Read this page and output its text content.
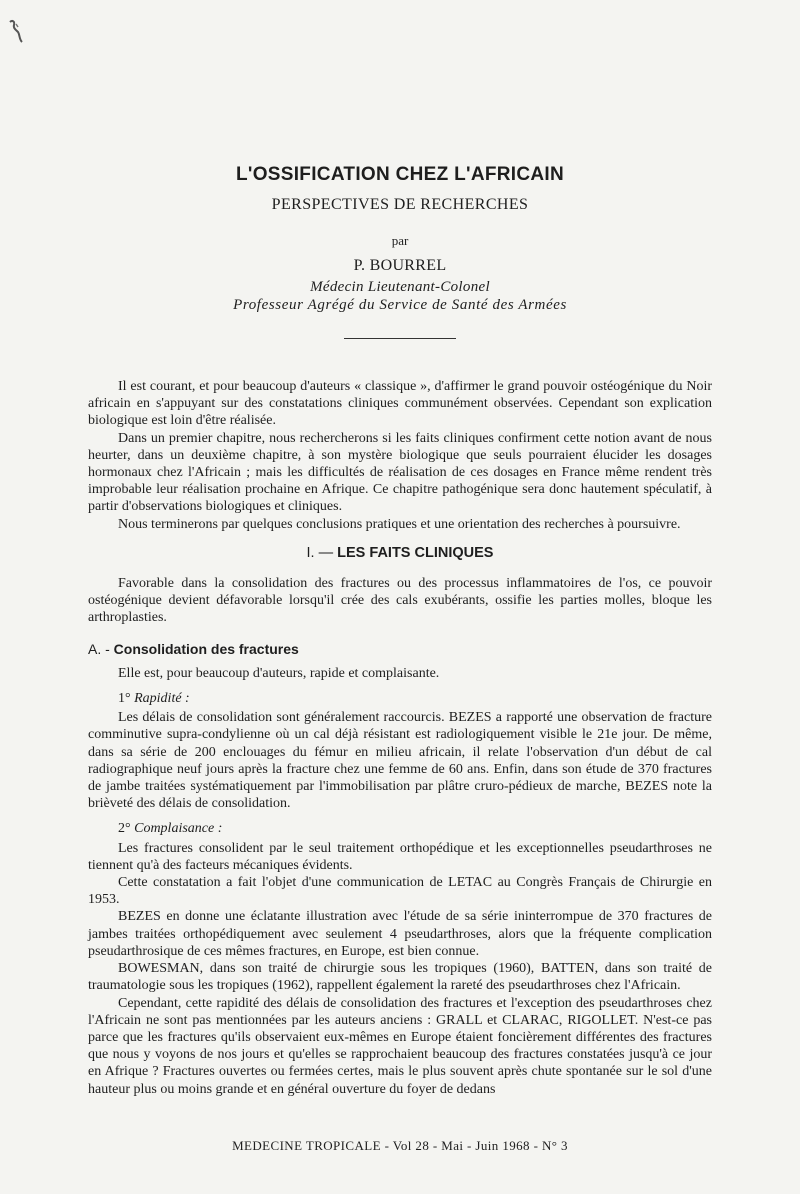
L'OSSIFICATION CHEZ L'AFRICAIN
PERSPECTIVES DE RECHERCHES
par
P. BOURREL
Médecin Lieutenant-Colonel
Professeur Agrégé du Service de Santé des Armées

Il est courant, et pour beaucoup d'auteurs « classique », d'affirmer le grand pouvoir ostéogénique du Noir africain en s'appuyant sur des constatations cliniques communément observées. Cependant son explication biologique est loin d'être réalisée.

Dans un premier chapitre, nous rechercherons si les faits cliniques confirment cette notion avant de nous heurter, dans un deuxième chapitre, à son mystère biologique que seuls pourraient élucider les dosages hormonaux chez l'Africain ; mais les difficultés de réalisation de ces dosages en France même rendent très improbable leur réalisation prochaine en Afrique. Ce chapitre pathogénique sera donc hautement spéculatif, à partir d'observations biologiques et cliniques.

Nous terminerons par quelques conclusions pratiques et une orientation des recherches à poursuivre.

I. — LES FAITS CLINIQUES

Favorable dans la consolidation des fractures ou des processus inflammatoires de l'os, ce pouvoir ostéogénique devient défavorable lorsqu'il crée des cals exubérants, ossifie les parties molles, bloque les arthroplasties.

A. - Consolidation des fractures

Elle est, pour beaucoup d'auteurs, rapide et complaisante.

1° Rapidité :

Les délais de consolidation sont généralement raccourcis. BEZES a rapporté une observation de fracture comminutive supra-condylienne où un cal déjà résistant est radiologiquement visible le 21e jour. De même, dans sa série de 200 enclouages du fémur en milieu africain, il relate l'observation d'un début de cal radiographique neuf jours après la fracture chez une femme de 60 ans. Enfin, dans son étude de 370 fractures de jambe traitées systématiquement par l'immobilisation par plâtre cruro-pédieux de marche, BEZES note la brièveté des délais de consolidation.

2° Complaisance :

Les fractures consolident par le seul traitement orthopédique et les exceptionnelles pseudarthroses ne tiennent qu'à des facteurs mécaniques évidents.

Cette constatation a fait l'objet d'une communication de LETAC au Congrès Français de Chirurgie en 1953.

BEZES en donne une éclatante illustration avec l'étude de sa série ininterrompue de 370 fractures de jambes traitées orthopédiquement avec seulement 4 pseudarthroses, alors que la fréquente complication pseudarthrosique de ces mêmes fractures, en Europe, est bien connue.

BOWESMAN, dans son traité de chirurgie sous les tropiques (1960), BATTEN, dans son traité de traumatologie sous les tropiques (1962), rappellent également la rareté des pseudarthroses chez l'Africain.

Cependant, cette rapidité des délais de consolidation des fractures et l'exception des pseudarthroses chez l'Africain ne sont pas mentionnées par les auteurs anciens : GRALL et CLARAC, RIGOLLET. N'est-ce pas parce que les fractures qu'ils observaient eux-mêmes en Europe étaient foncièrement différentes des fractures que nous y voyons de nos jours et qu'elles se rapprochaient beaucoup des fractures constatées jusqu'à ce jour en Afrique ? Fractures ouvertes ou fermées certes, mais le plus souvent après chute spontanée sur le sol d'une hauteur plus ou moins grande et en général ouverture du foyer de dedans

MEDECINE TROPICALE - Vol 28 - Mai - Juin 1968 - N° 3
